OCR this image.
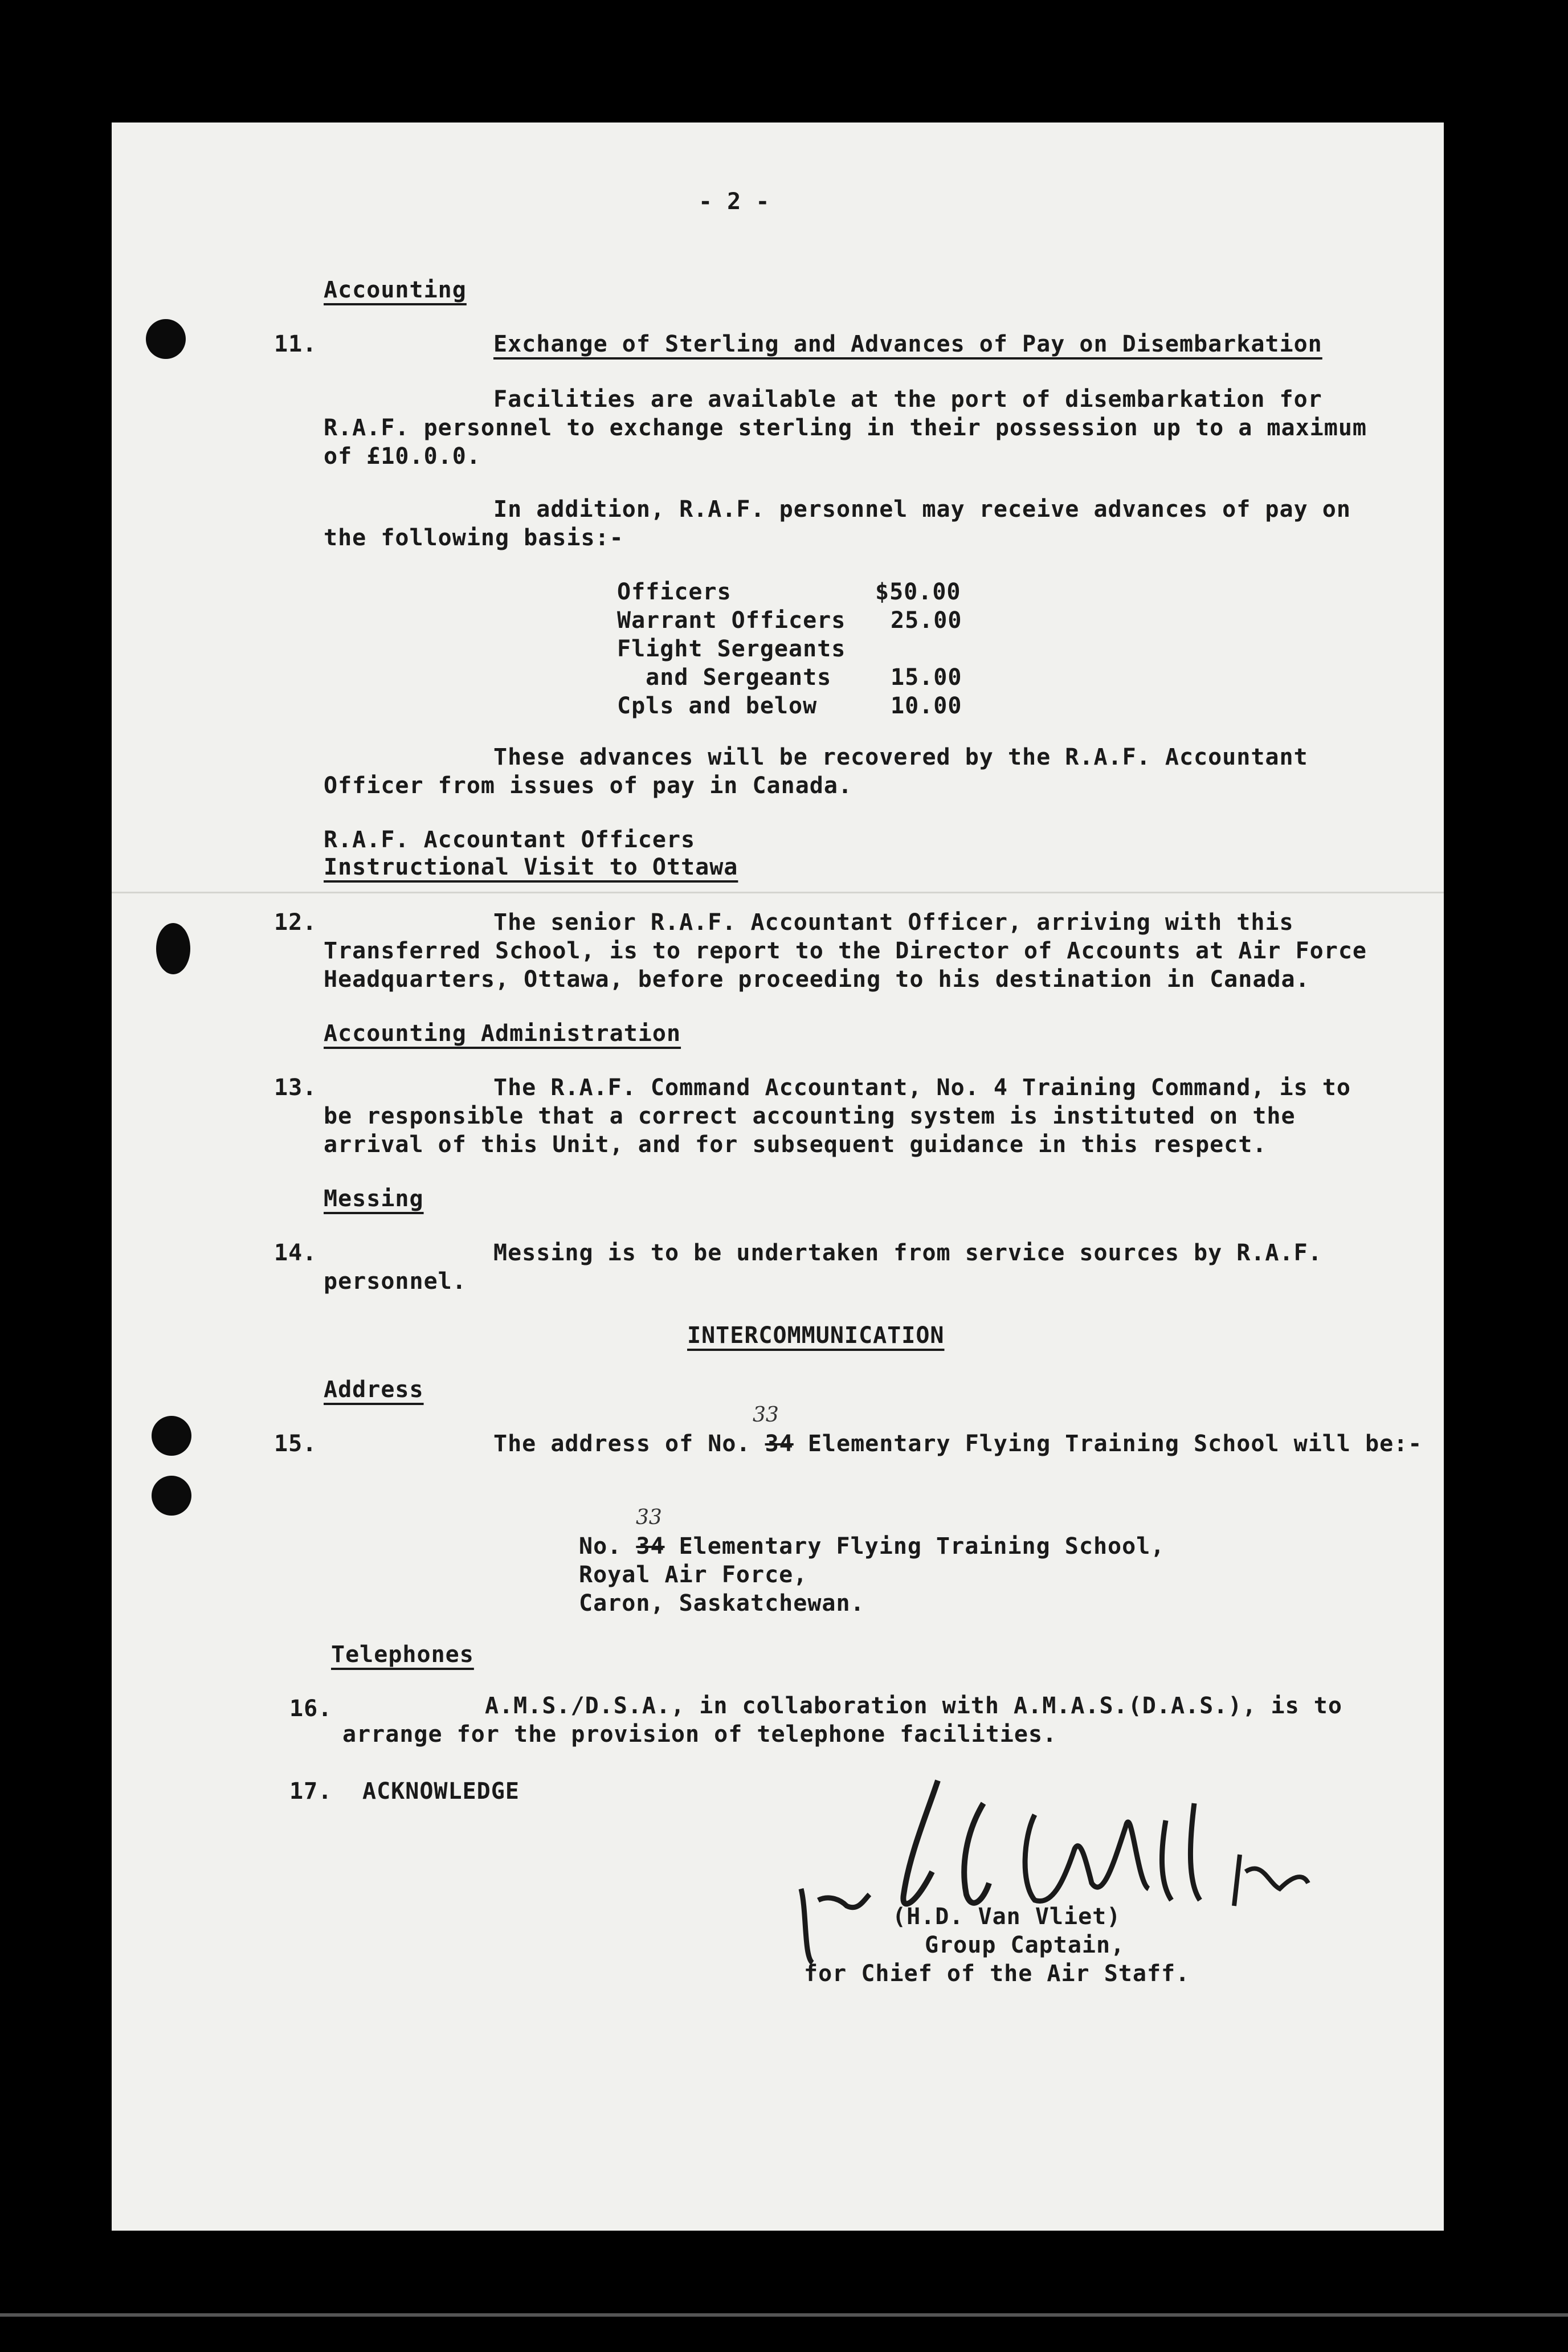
- 2 -
Accounting
11.	Exchange of Sterling and Advances of Pay on Disembarkation
Facilities are available at the port of disembarkation for
R.A.F. personnel to exchange sterling in their possession up to a maximum
of £10.0.0.
In addition, R.A.F. personnel may receive advances of pay on
the following basis:-
Officers	$50.00
Warrant Officers 25.00
Flight Sergeants
and Sergeants	15.00
Cpls and below	10.00
These advances will be recovered by the R.A.F. Accountant
Officer from issues of pay in Canada.
R.A.F. Accountant Officers
Instructional Visit to Ottawa
12.	The senior R.A.F. Accountant Officer, arriving with this
Transferred School, is to report to the Director of Accounts at Air Force
Headquarters, Ottawa, before proceeding to his destination in Canada.
Accounting Administration
13.	The R.A.F. Command Accountant, No. 4 Training Command, is to
be responsible that a correct accounting system is instituted on the
arrival of this Unit, and for subsequent guidance in this respect.
Messing
14.	Messing is to be undertaken from service sources by R.A.F.
personnel.
INTERCOMMUNICATION
Address
15.
33
The address of No. 34 Elementary Flying Training School will be:-
33
No. 34 Elementary Flying Training School,
Royal Air Force,
Caron, Saskatchewan.
Telephones
16.	A.M.S./D.S.A., in collaboration with A.M.A.S.(D.A.S.), is to
arrange for the provision of telephone facilities.
17. ACKNOWLEDGE
(H.D. Van Vliet)
Group Captain,
for Chief of the Air Staff.
